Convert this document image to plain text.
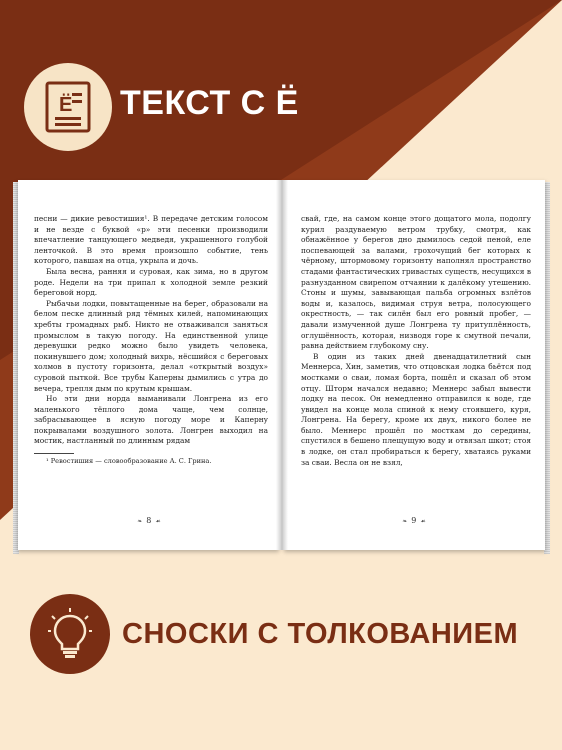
Ё ТЕКСТ С Ё

песни — дикие ревостишия¹. В передаче детским голосом и не везде с буквой «р» эти песенки производили впечатление танцующего медведя, украшенного голубой ленточкой. В это время произошло событие, тень которого, павшая на отца, укрыла и дочь.

Была весна, ранняя и суровая, как зима, но в другом роде. Недели на три припал к холодной земле резкий береговой норд.

Рыбачьи лодки, повытащенные на берег, образовали на белом песке длинный ряд тёмных килей, напоминающих хребты громадных рыб. Никто не отваживался заняться промыслом в такую погоду. На единственной улице деревушки редко можно было увидеть человека, покинувшего дом; холодный вихрь, нёсшийся с береговых холмов в пустоту горизонта, делал «открытый воздух» суровой пыткой. Все трубы Каперны дымились с утра до вечера, трепля дым по крутым крышам.

Но эти дни норда выманивали Лонгрена из его маленького тёплого дома чаще, чем солнце, забрасывающее в ясную погоду море и Каперну покрывалами воздушного золота. Лонгрен выходил на мостик, настланный по длинным рядам

¹ Ревостишия — словообразование А. С. Грина.

❧ 8 ☙

свай, где, на самом конце этого дощатого мола, подолгу курил раздуваемую ветром трубку, смотря, как обнажённое у берегов дно дымилось седой пеной, еле поспевающей за валами, грохочущий бег которых к чёрному, штормовому горизонту наполнял пространство стадами фантастических гривастых существ, несущихся в разнузданном свирепом отчаянии к далёкому утешению. Стоны и шумы, завывающая пальба огромных взлётов воды и, казалось, видимая струя ветра, полосующего окрестность, — так силён был его ровный пробег, — давали измученной душе Лонгрена ту притуплённость, оглушённость, которая, низводя горе к смутной печали, равна действием глубокому сну.

В один из таких дней двенадцатилетний сын Меннерса, Хин, заметив, что отцовская лодка бьётся под мостками о сваи, ломая борта, пошёл и сказал об этом отцу. Шторм начался недавно; Меннерс забыл вывести лодку на песок. Он немедленно отправился к воде, где увидел на конце мола спиной к нему стоявшего, куря, Лонгрена. На берегу, кроме их двух, никого более не было. Меннерс прошёл по мосткам до середины, спустился в бешено плещущую воду и отвязал шкот; стоя в лодке, он стал пробираться к берегу, хватаясь руками за сваи. Весла он не взял,

❧ 9 ☙
СНОСКИ С ТОЛКОВАНИЕМ
